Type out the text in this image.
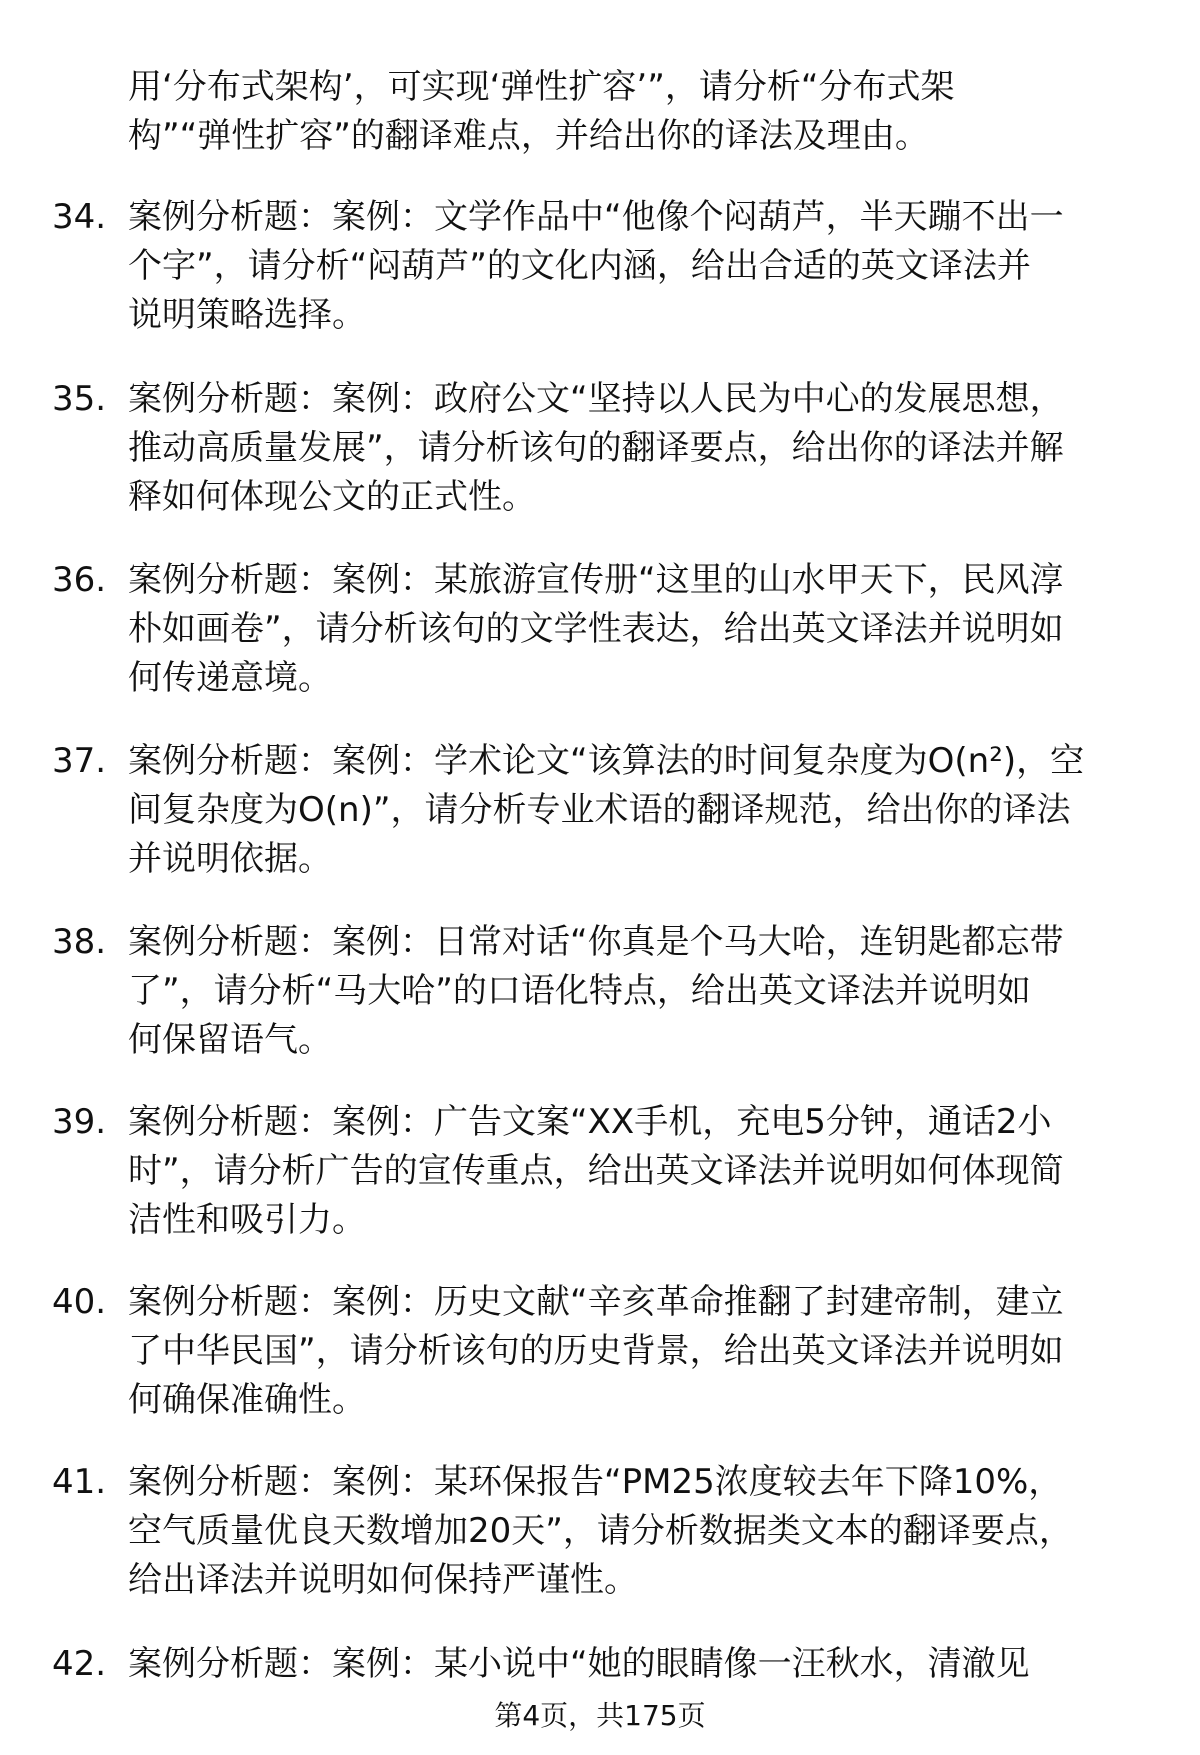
用‘分布式架构’，可实现‘弹性扩容’”，请分析“分布式架
构”“弹性扩容”的翻译难点，并给出你的译法及理由。
34. 案例分析题：案例：文学作品中“他像个闷葫芦，半天蹦不出一
个字”，请分析“闷葫芦”的文化内涵，给出合适的英文译法并
说明策略选择。
35. 案例分析题：案例：政府公文“坚持以人民为中心的发展思想，
推动高质量发展”，请分析该句的翻译要点，给出你的译法并解
释如何体现公文的正式性。
36. 案例分析题：案例：某旅游宣传册“这里的山水甲天下，民风淳
朴如画卷”，请分析该句的文学性表达，给出英文译法并说明如
何传递意境。
37. 案例分析题：案例：学术论文“该算法的时间复杂度为O(n²)，空
间复杂度为O(n)”，请分析专业术语的翻译规范，给出你的译法
并说明依据。
38. 案例分析题：案例：日常对话“你真是个马大哈，连钥匙都忘带
了”，请分析“马大哈”的口语化特点，给出英文译法并说明如
何保留语气。
39. 案例分析题：案例：广告文案“XX手机，充电5分钟，通话2小
时”，请分析广告的宣传重点，给出英文译法并说明如何体现简
洁性和吸引力。
40. 案例分析题：案例：历史文献“辛亥革命推翻了封建帝制，建立
了中华民国”，请分析该句的历史背景，给出英文译法并说明如
何确保准确性。
41. 案例分析题：案例：某环保报告“PM25浓度较去年下降10%，
空气质量优良天数增加20天”，请分析数据类文本的翻译要点，
给出译法并说明如何保持严谨性。
42. 案例分析题：案例：某小说中“她的眼睛像一汪秋水，清澈见
第4页，共175页
